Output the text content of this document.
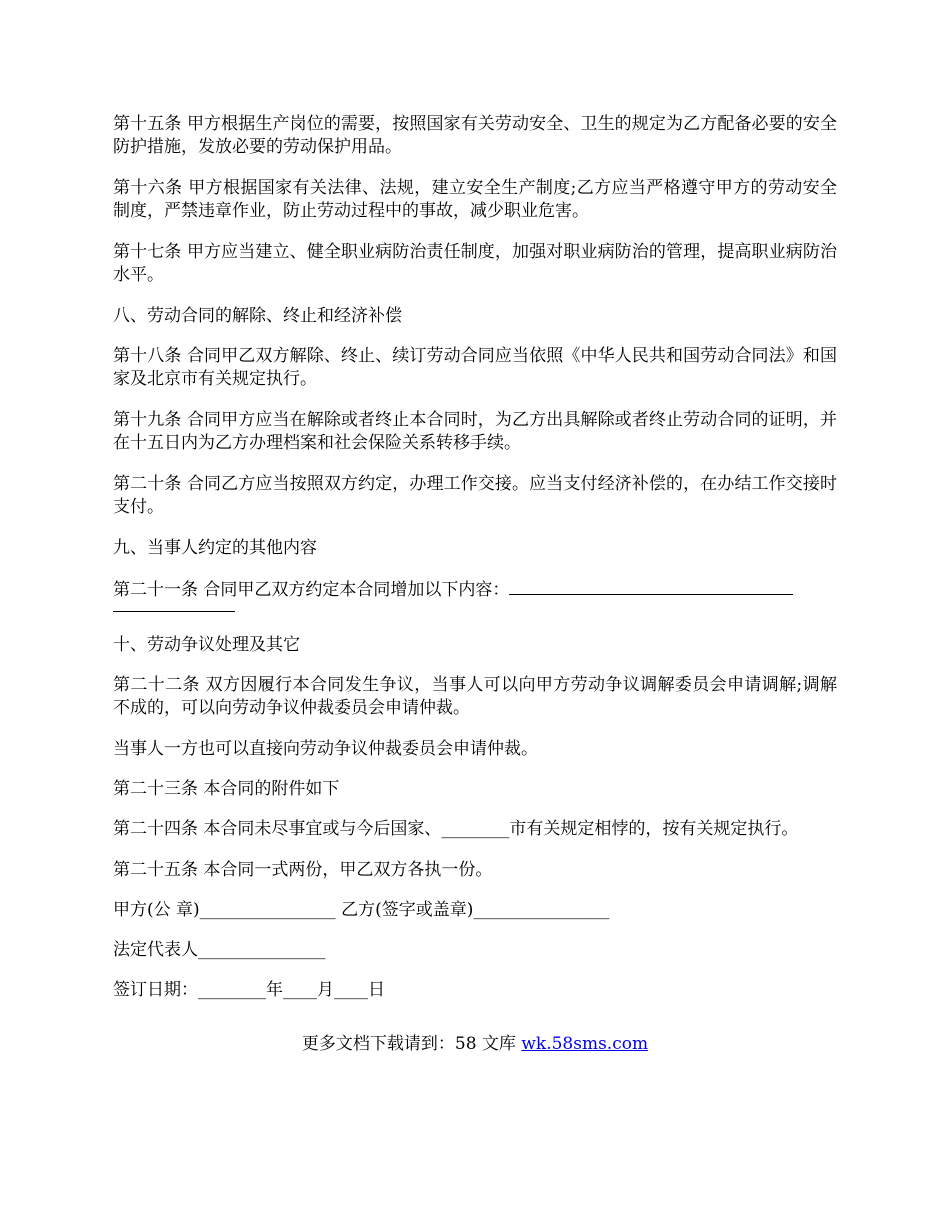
第十五条 甲方根据生产岗位的需要，按照国家有关劳动安全、卫生的规定为乙方配备必要的安全防护措施，发放必要的劳动保护用品。

第十六条 甲方根据国家有关法律、法规，建立安全生产制度;乙方应当严格遵守甲方的劳动安全制度，严禁违章作业，防止劳动过程中的事故，减少职业危害。

第十七条 甲方应当建立、健全职业病防治责任制度，加强对职业病防治的管理，提高职业病防治水平。

八、劳动合同的解除、终止和经济补偿

第十八条 合同甲乙双方解除、终止、续订劳动合同应当依照《中华人民共和国劳动合同法》和国家及北京市有关规定执行。

第十九条 合同甲方应当在解除或者终止本合同时，为乙方出具解除或者终止劳动合同的证明，并在十五日内为乙方办理档案和社会保险关系转移手续。

第二十条 合同乙方应当按照双方约定，办理工作交接。应当支付经济补偿的，在办结工作交接时支付。

九、当事人约定的其他内容

第二十一条 合同甲乙双方约定本合同增加以下内容：

十、劳动争议处理及其它

第二十二条 双方因履行本合同发生争议，当事人可以向甲方劳动争议调解委员会申请调解;调解不成的，可以向劳动争议仲裁委员会申请仲裁。

当事人一方也可以直接向劳动争议仲裁委员会申请仲裁。

第二十三条 本合同的附件如下

第二十四条 本合同未尽事宜或与今后国家、________市有关规定相悖的，按有关规定执行。

第二十五条 本合同一式两份，甲乙双方各执一份。

甲方(公 章)________________ 乙方(签字或盖章)________________

法定代表人_______________

签订日期：________年____月____日

更多文档下载请到：58 文库 wk.58sms.com
